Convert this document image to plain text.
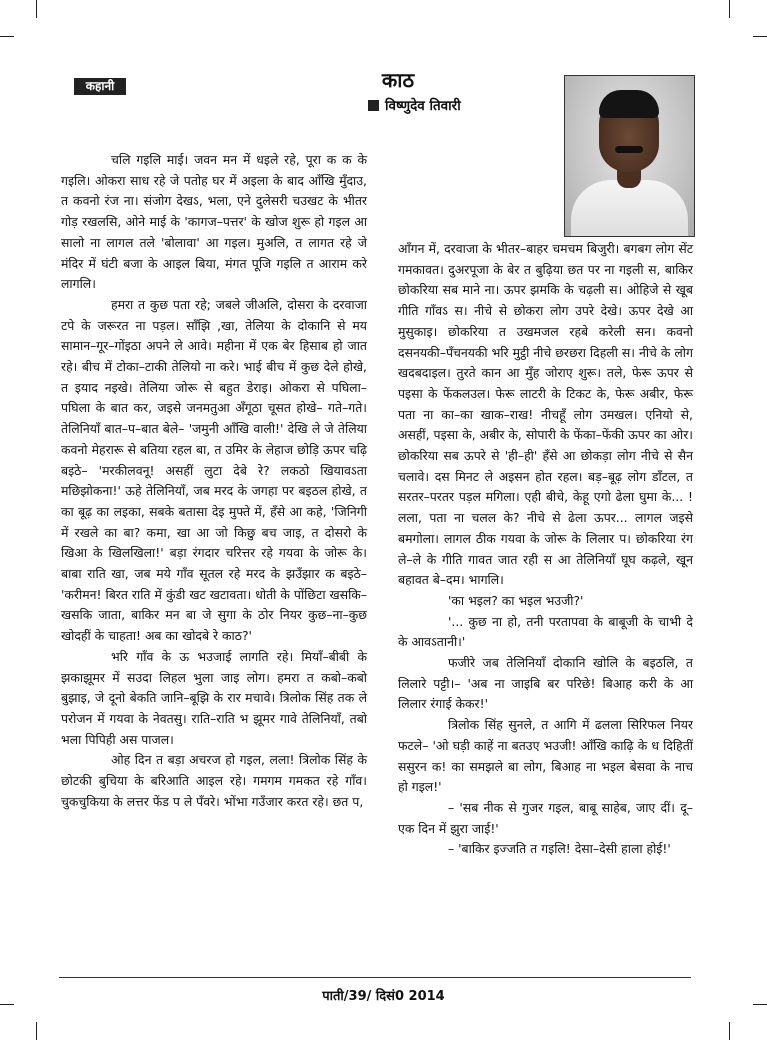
कहानी	काठ
विष्णुदेव तिवारी

चलि गइलि माई। जवन मन में धइले रहे, पूरा क क के गइलि। ओकरा साध रहे जे पतोह घर में अइला के बाद आँखि मुँदाउ, त कवनो रंज ना। संजोग देखऽ, भला, एने दुलेसरी चउखट के भीतर गोड़ रखलसि, ओने माई के 'कागज–पत्तर' के खोज शुरू हो गइल आ सालो ना लागल तले 'बोलावा' आ गइल। मुअलि, त लागत रहे जे मंदिर में घंटी बजा के आइल बिया, मंगत पूजि गइलि त आराम करे लागलि।

हमरा त कुछ पता रहे; जबले जीअलि, दोसरा के दरवाजा टपे के जरूरत ना पड़ल। साँझि ,खा, तेलिया के दोकानि से मय सामान–गूर–गोंइठा अपने ले आवे। महीना में एक बेर हिसाब हो जात रहे। बीच में टोका–टाकी तेलियो ना करे। भाई बीच में कुछ देले होखे, त इयाद नइखे। तेलिया जोरू से बहुत डेराइ। ओकरा से पघिला–पघिला के बात कर, जइसे जनमतुआ अँगूठा चूसत होखे– गते–गते। तेलिनियाँ बात–प–बात बेले– 'जमुनी आँखि वाली!' देखि ले जे तेलिया कवनो मेहरारू से बतिया रहल बा, त उमिर के लेहाज छोड़ि ऊपर चढ़ि बइठे– 'मरकीलवनू! असहीं लुटा देबे रे? लकठो खियावऽता मछिझोकना!' ऊहे तेलिनियाँ, जब मरद के जगहा पर बइठल होखे, त का बूढ़ का लइका, सबके बतासा देइ मुफ्ते में, हँसे आ कहे, 'जिनिगी में रखले का बा? कमा, खा आ जो किछु बच जाइ, त दोसरो के खिआ के खिलखिला!' बड़ा रंगदार चरित्तर रहे गयवा के जोरू के। बाबा राति खा, जब मये गाँव सूतल रहे मरद के झउँझार क बइठे– 'करीमन! बिरत राति में कुंडी खट खटावता। धोती के पोंछिटा खसकि–खसकि जाता, बाकिर मन बा जे सुगा के ठोर नियर कुछ–ना–कुछ खोदहीं के चाहता! अब का खोदबे रे काठ?'

भरि गाँव के ऊ भउजाई लागति रहे। मियाँ–बीबी के झकाझूमर में सउदा लिहल भुला जाइ लोग। हमरा त कबो–कबो बुझाइ, जे दूनो बेकति जानि–बूझि के रार मचावे। त्रिलोक सिंह तक ले परोजन में गयवा के नेवतसु। राति–राति भ झूमर गावे तेलिनियाँ, तबो भला पिपिही अस पाजल।

ओह दिन त बड़ा अचरज हो गइल, लला! त्रिलोक सिंह के छोटकी बुचिया के बरिआति आइल रहे। गमगम गमकत रहे गाँव। चुकचुकिया के लत्तर फेंड प ले पँवरे। भोंभा गउँजार करत रहे। छत प,

आँगन में, दरवाजा के भीतर–बाहर चमचम बिजुरी। बगबग लोग सेंट गमकावत। दुअरपूजा के बेर त बुढ़िया छत पर ना गइली स, बाकिर छोकरिया सब माने ना। ऊपर झमकि के चढ़ली स। ओहिजे से खूब गीति गाँवऽ स। नीचे से छोकरा लोग उपरे देखे। ऊपर देखे आ मुसुकाइ। छोकरिया त उखमजल रहबे करेली सन। कवनो दसनयकी–पँचनयकी भरि मुट्ठी नीचे छरछरा दिहली स। नीचे के लोग खदबदाइल। तुरते कान आ मुँह जोराए शुरू। तले, फेरू ऊपर से पइसा के फेंकलउल। फेरू लाटरी के टिकट के, फेरू अबीर, फेरू पता ना का–का खाक–राख! नीचहूँ लोग उमखल। एनियो से, असहीं, पइसा के, अबीर के, सोपारी के फेंका–फेंकी ऊपर का ओर। छोकरिया सब ऊपरे से 'ही–ही' हँसे आ छोकड़ा लोग नीचे से सैन चलावे। दस मिनट ले अइसन होत रहल। बड़–बूढ़ लोग डाँटल, त सरतर–परतर पड़ल मगिला। एही बीचे, केहू एगो ढेला घुमा के... ! लला, पता ना चलल के? नीचे से ढेला ऊपर... लागल जइसे बमगोला। लागल ठीक गयवा के जोरू के लिलार प। छोकरिया रंग ले–ले के गीति गावत जात रही स आ तेलिनियाँ घूघ कढ़ले, खून बहावत बे–दम। भागलि।

'का भइल? का भइल भउजी?'

'... कुछ ना हो, तनी परतापवा के बाबूजी के चाभी दे के आवऽतानी।'

फजीरे जब तेलिनियाँ दोकानि खोलि के बइठलि, त लिलारे पट्टी।– 'अब ना जाइबि बर परिछे! बिआह करी के आ लिलार रंगाई केकर!'

त्रिलोक सिंह सुनले, त आगि में ढलला सिरिफल नियर फटले– 'ओ घड़ी काहें ना बतउए भउजी! आँखि काढ़ि के ध दिहितीं ससुरन क! का समझले बा लोग, बिआह ना भइल बेसवा के नाच हो गइल!'

– 'सब नीक से गुजर गइल, बाबू साहेब, जाए दीं। दू–एक दिन में झुरा जाई!'

– 'बाकिर इज्जति त गइलि! देसा–देसी हाला होई!'

पाती/39/ दिसं0 2014
